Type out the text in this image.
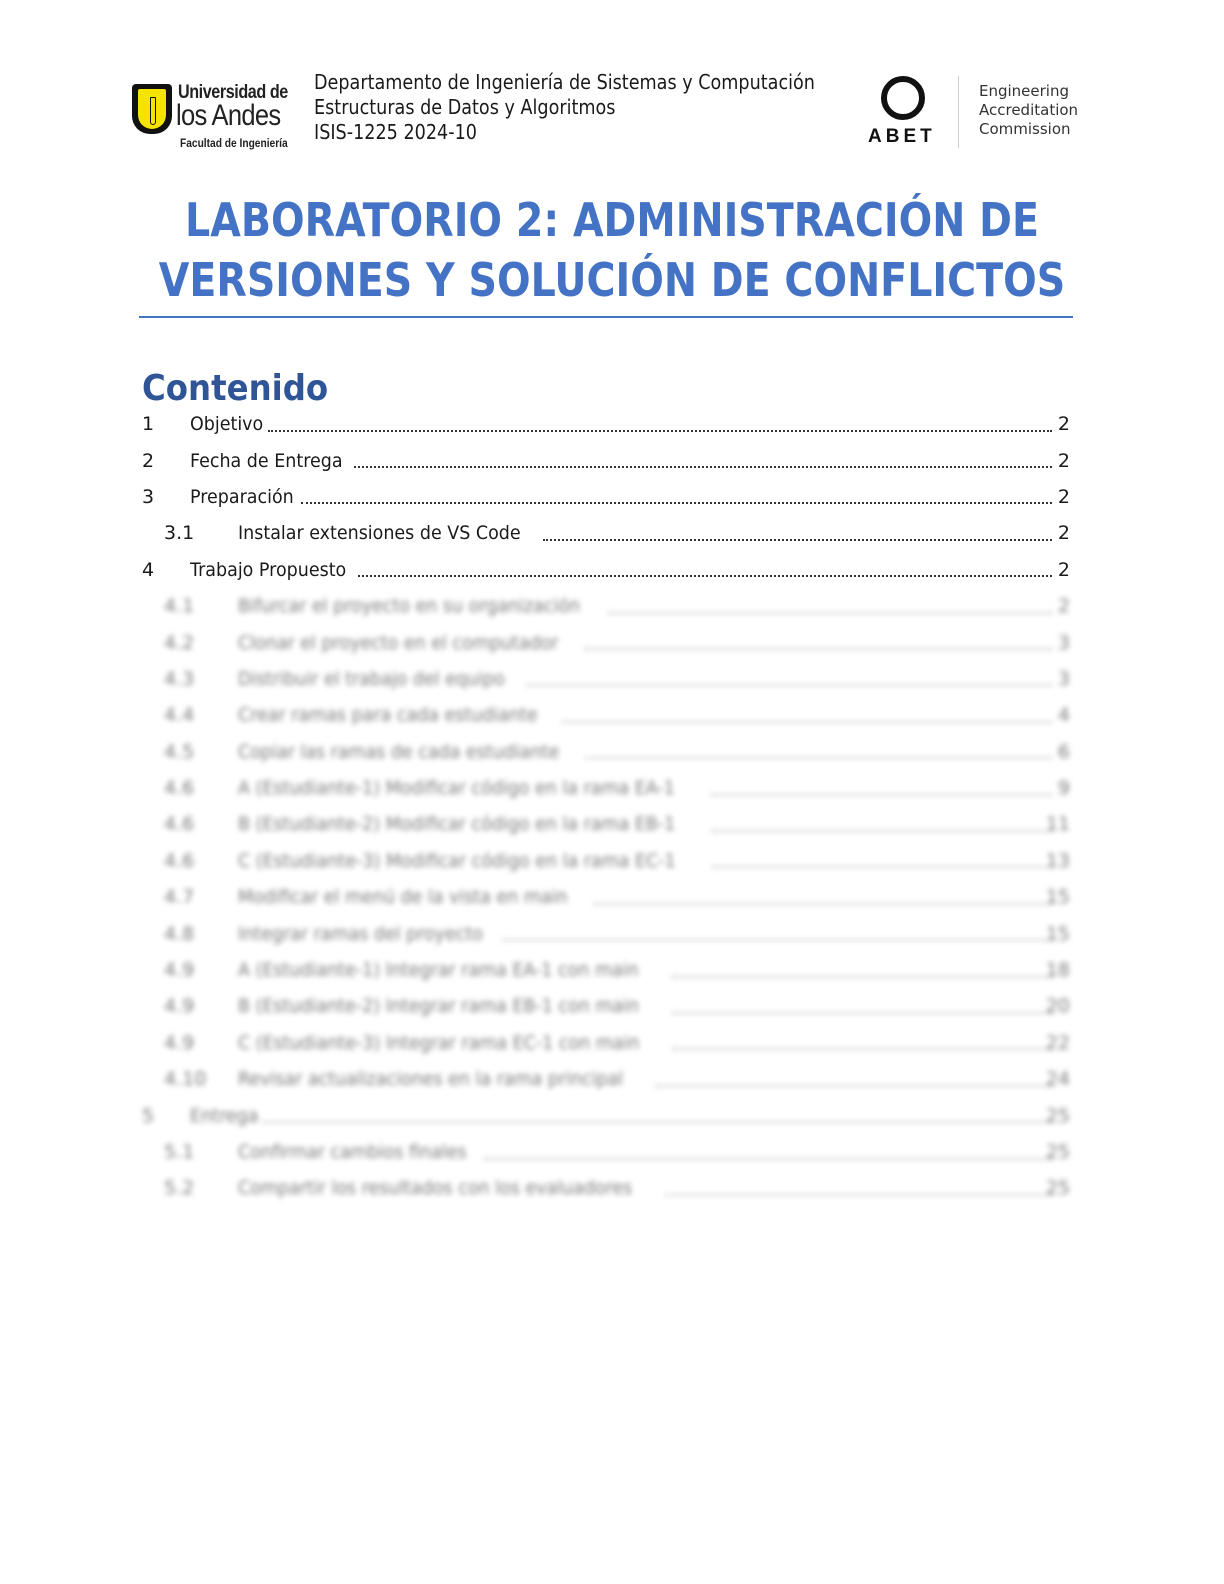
Universidad de
los Andes
Facultad de Ingeniería
Departamento de Ingeniería de Sistemas y Computación
Estructuras de Datos y Algoritmos
ISIS-1225 2024-10	ABET
Engineering
Accreditation
Commission
LABORATORIO 2: ADMINISTRACIÓN DE
VERSIONES Y SOLUCIÓN DE CONFLICTOS
Contenido
1	Objetivo	2
2	Fecha de Entrega	2
3	Preparación	2
3.1	Instalar extensiones de VS Code	2
4	Trabajo Propuesto	2
4.1	Bifurcar el proyecto en su organización	2
4.2	Clonar el proyecto en el computador	3
4.3	Distribuir el trabajo del equipo	3
4.4	Crear ramas para cada estudiante	4
4.5	Copiar las ramas de cada estudiante	6
4.6	A (Estudiante-1) Modificar código en la rama EA-1	9
4.6	B (Estudiante-2) Modificar código en la rama EB-1	11
4.6	C (Estudiante-3) Modificar código en la rama EC-1	13
4.7	Modificar el menú de la vista en main	15
4.8	Integrar ramas del proyecto	15
4.9	A (Estudiante-1) Integrar rama EA-1 con main	18
4.9	B (Estudiante-2) Integrar rama EB-1 con main	20
4.9	C (Estudiante-3) Integrar rama EC-1 con main	22
4.10 Revisar actualizaciones en la rama principal	24
5	Entrega	25
5.1	Confirmar cambios finales	25
5.2	Compartir los resultados con los evaluadores	25
